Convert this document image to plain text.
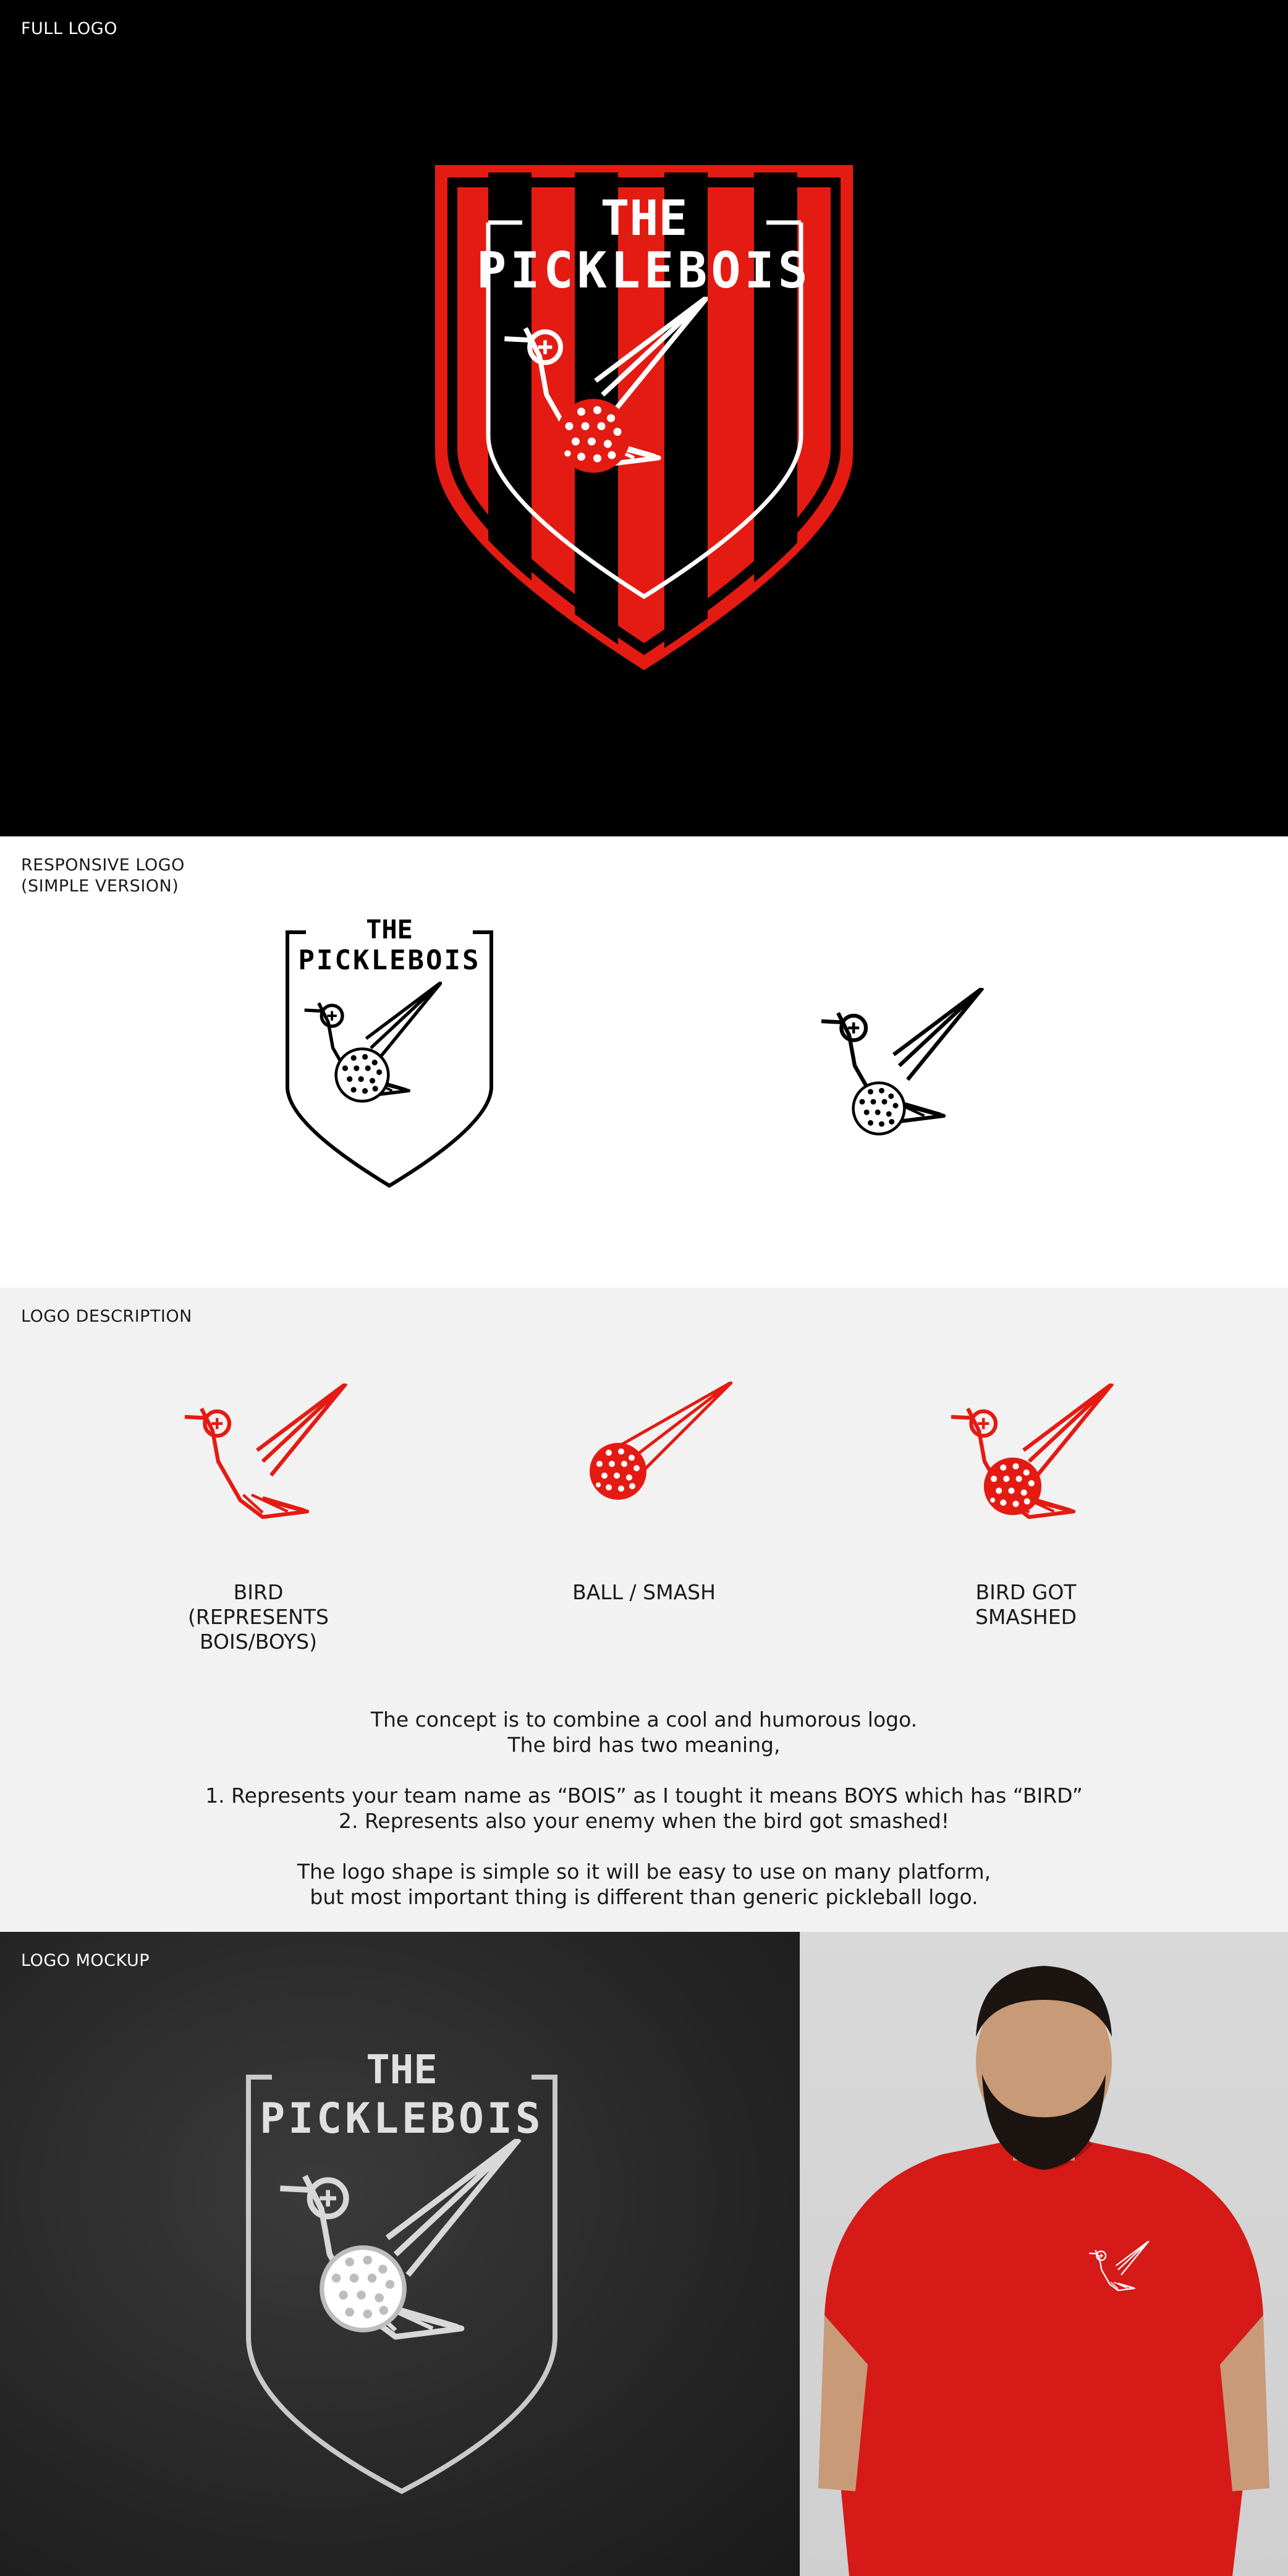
FULL LOGO
THE
PICKLEBOIS
RESPONSIVE LOGO
(SIMPLE VERSION)
THE
PICKLEBOIS
LOGO DESCRIPTION
BIRD
(REPRESENTS
BOIS/BOYS)
BALL / SMASH	BIRD GOT
SMASHED
The concept is to combine a cool and humorous logo.
The bird has two meaning,
1. Represents your team name as “BOIS” as I tought it means BOYS which has “BIRD”
2. Represents also your enemy when the bird got smashed!
The logo shape is simple so it will be easy to use on many platform,
but most important thing is different than generic pickleball logo.
THE
PICKLEBOIS
LOGO MOCKUP
